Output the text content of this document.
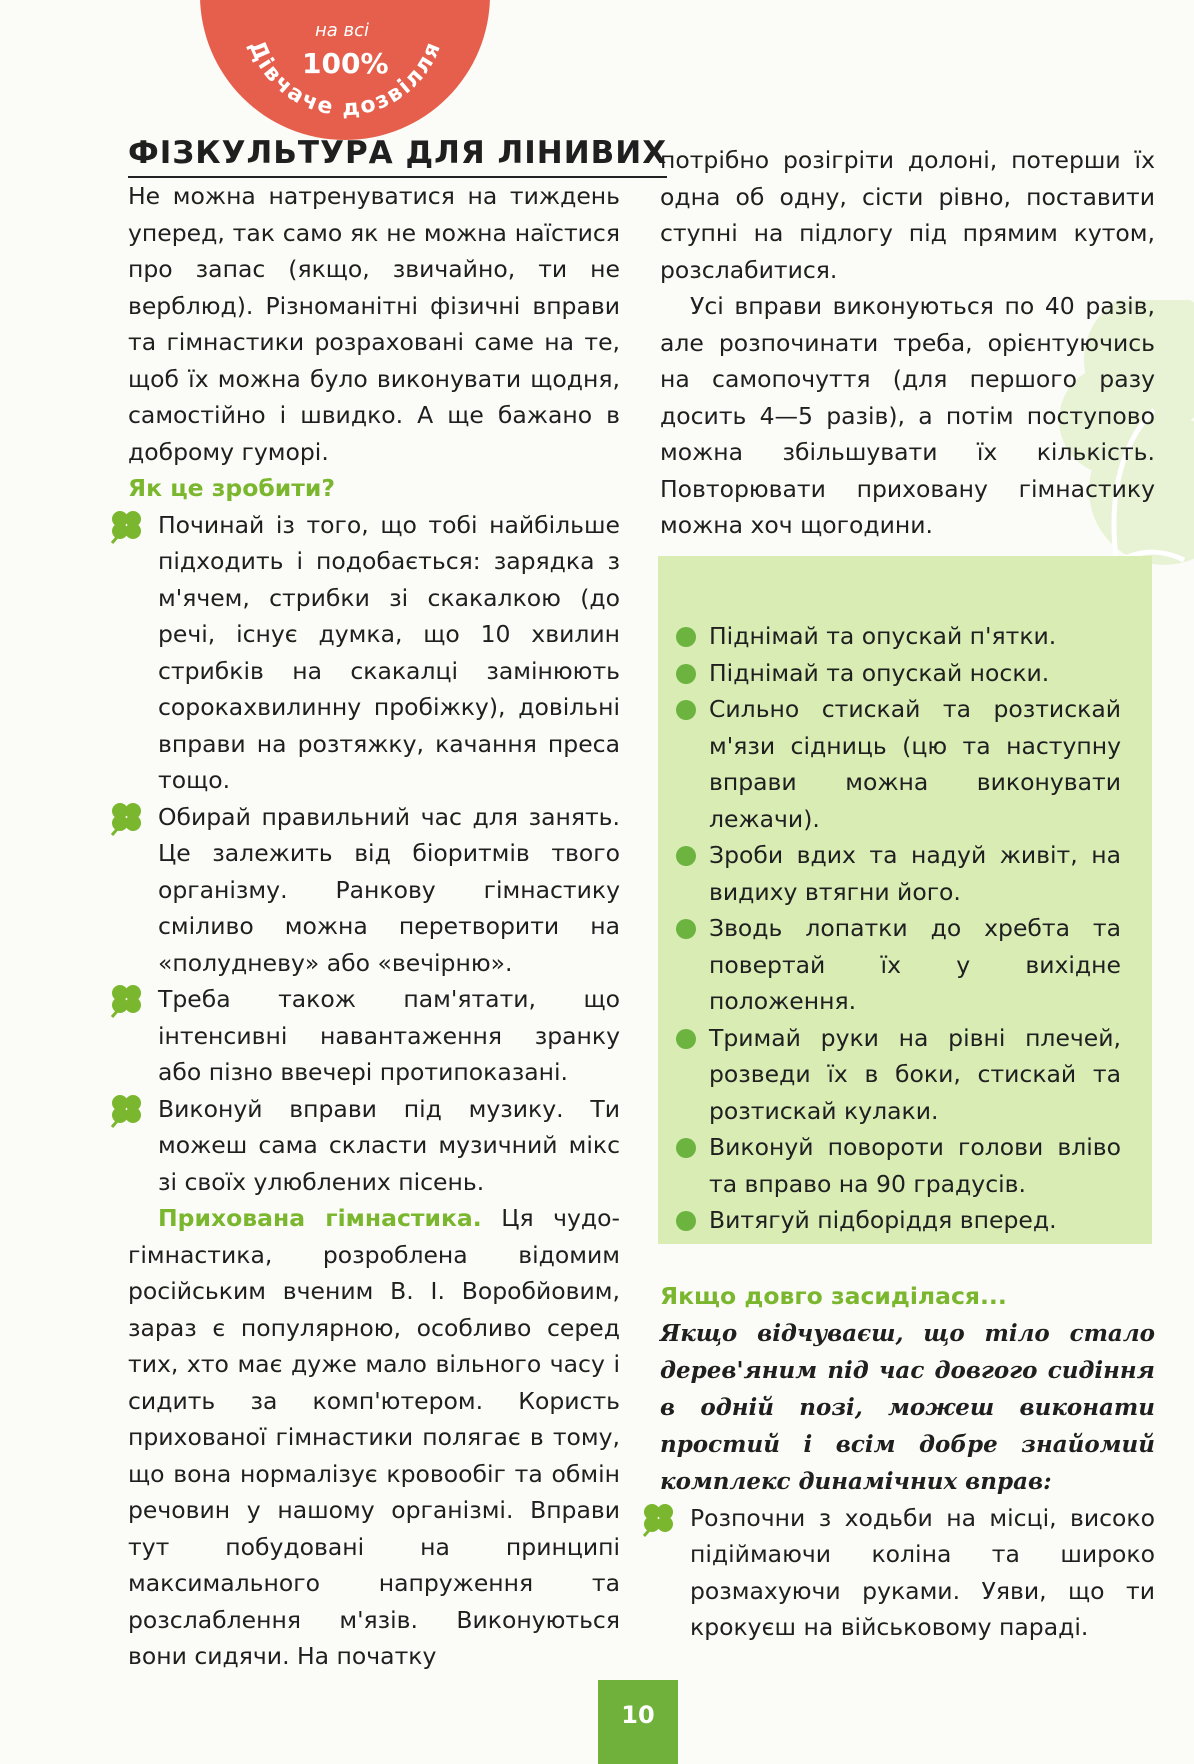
Дівчаче дозвілля
на всі
100%
ФІЗКУЛЬТУРА ДЛЯ ЛІНИВИХ

Не можна натренуватися на тиждень уперед, так само як не можна наїстися про запас (якщо, звичайно, ти не верблюд). Різноманітні фізичні вправи та гімнастики розраховані саме на те, щоб їх можна було виконувати щодня, самостійно і швидко. А ще бажано в доброму гуморі.

Як це зробити?

Починай із того, що тобі найбільше підходить і подобається: зарядка з м'ячем, стрибки зі скакалкою (до речі, існує думка, що 10 хвилин стрибків на скакалці замінюють сорокахвилинну пробіжку), довільні вправи на розтяжку, качання преса тощо.

Обирай правильний час для занять. Це залежить від біоритмів твого організму. Ранкову гімнастику сміливо можна перетворити на «полудневу» або «вечірню».

Треба також пам'ятати, що інтенсивні навантаження зранку або пізно ввечері протипоказані.

Виконуй вправи під музику. Ти можеш сама скласти музичний мікс зі своїх улюблених пісень.

Прихована гімнастика. Ця чудо-гімнастика, розроблена відомим російським вченим В. І. Воробйовим, зараз є популярною, особливо серед тих, хто має дуже мало вільного часу і сидить за комп'ютером. Користь прихованої гімнастики полягає в тому, що вона нормалізує кровообіг та обмін речовин у нашому організмі. Вправи тут побудовані на принципі максимального напруження та розслаблення м'язів. Виконуються вони сидячи. На початку

потрібно розігріти долоні, потерши їх одна об одну, сісти рівно, поставити ступні на підлогу під прямим кутом, розслабитися.

Усі вправи виконуються по 40 разів, але розпочинати треба, орієнтуючись на самопочуття (для першого разу досить 4—5 разів), а потім поступово можна збільшувати їх кількість. Повторювати приховану гімнастику можна хоч щогодини.

Піднімай та опускай п'ятки.

Піднімай та опускай носки.

Сильно стискай та розтискай м'язи сідниць (цю та наступну вправи можна виконувати лежачи).

Зроби вдих та надуй живіт, на видиху втягни його.

Зводь лопатки до хребта та повертай їх у вихідне положення.

Тримай руки на рівні плечей, розведи їх в боки, стискай та розтискай кулаки.

Виконуй повороти голови вліво та вправо на 90 градусів.

Витягуй підборіддя вперед.

Якщо довго засиділася...

Якщо відчуваєш, що тіло стало дерев'яним під час довгого сидіння в одній позі, можеш виконати простий і всім добре знайомий комплекс динамічних вправ:

Розпочни з ходьби на місці, високо підіймаючи коліна та широко розмахуючи руками. Уяви, що ти крокуєш на військовому параді.

10
